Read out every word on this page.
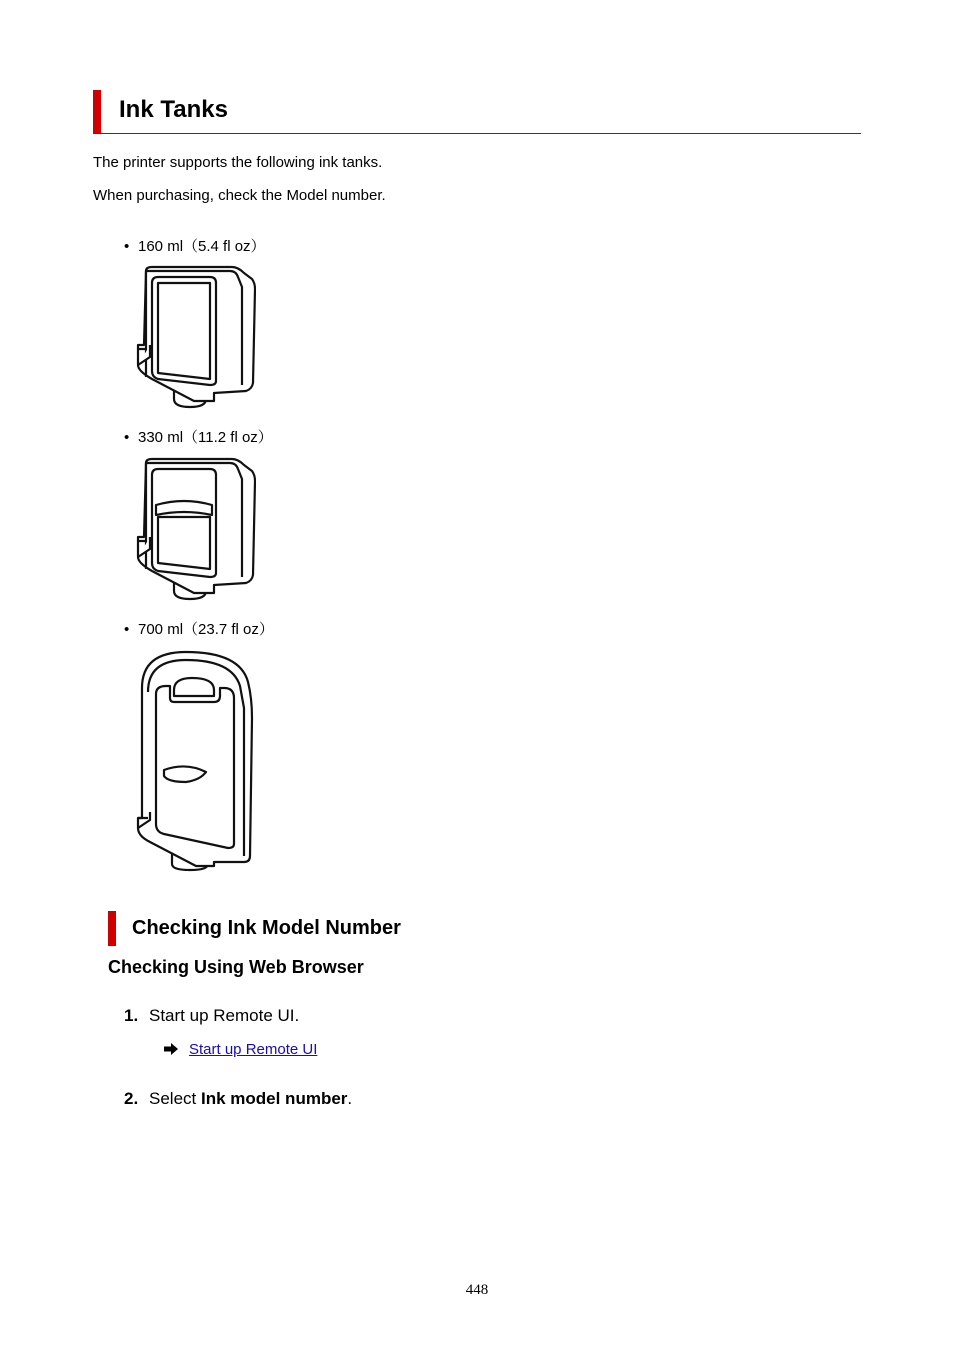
Ink Tanks
The printer supports the following ink tanks.
When purchasing, check the Model number.
• 160 ml（5.4 fl oz）
• 330 ml（11.2 fl oz）
• 700 ml（23.7 fl oz）
Checking Ink Model Number
Checking Using Web Browser
1. Start up Remote UI.
Start up Remote UI
2. Select Ink model number.
448
